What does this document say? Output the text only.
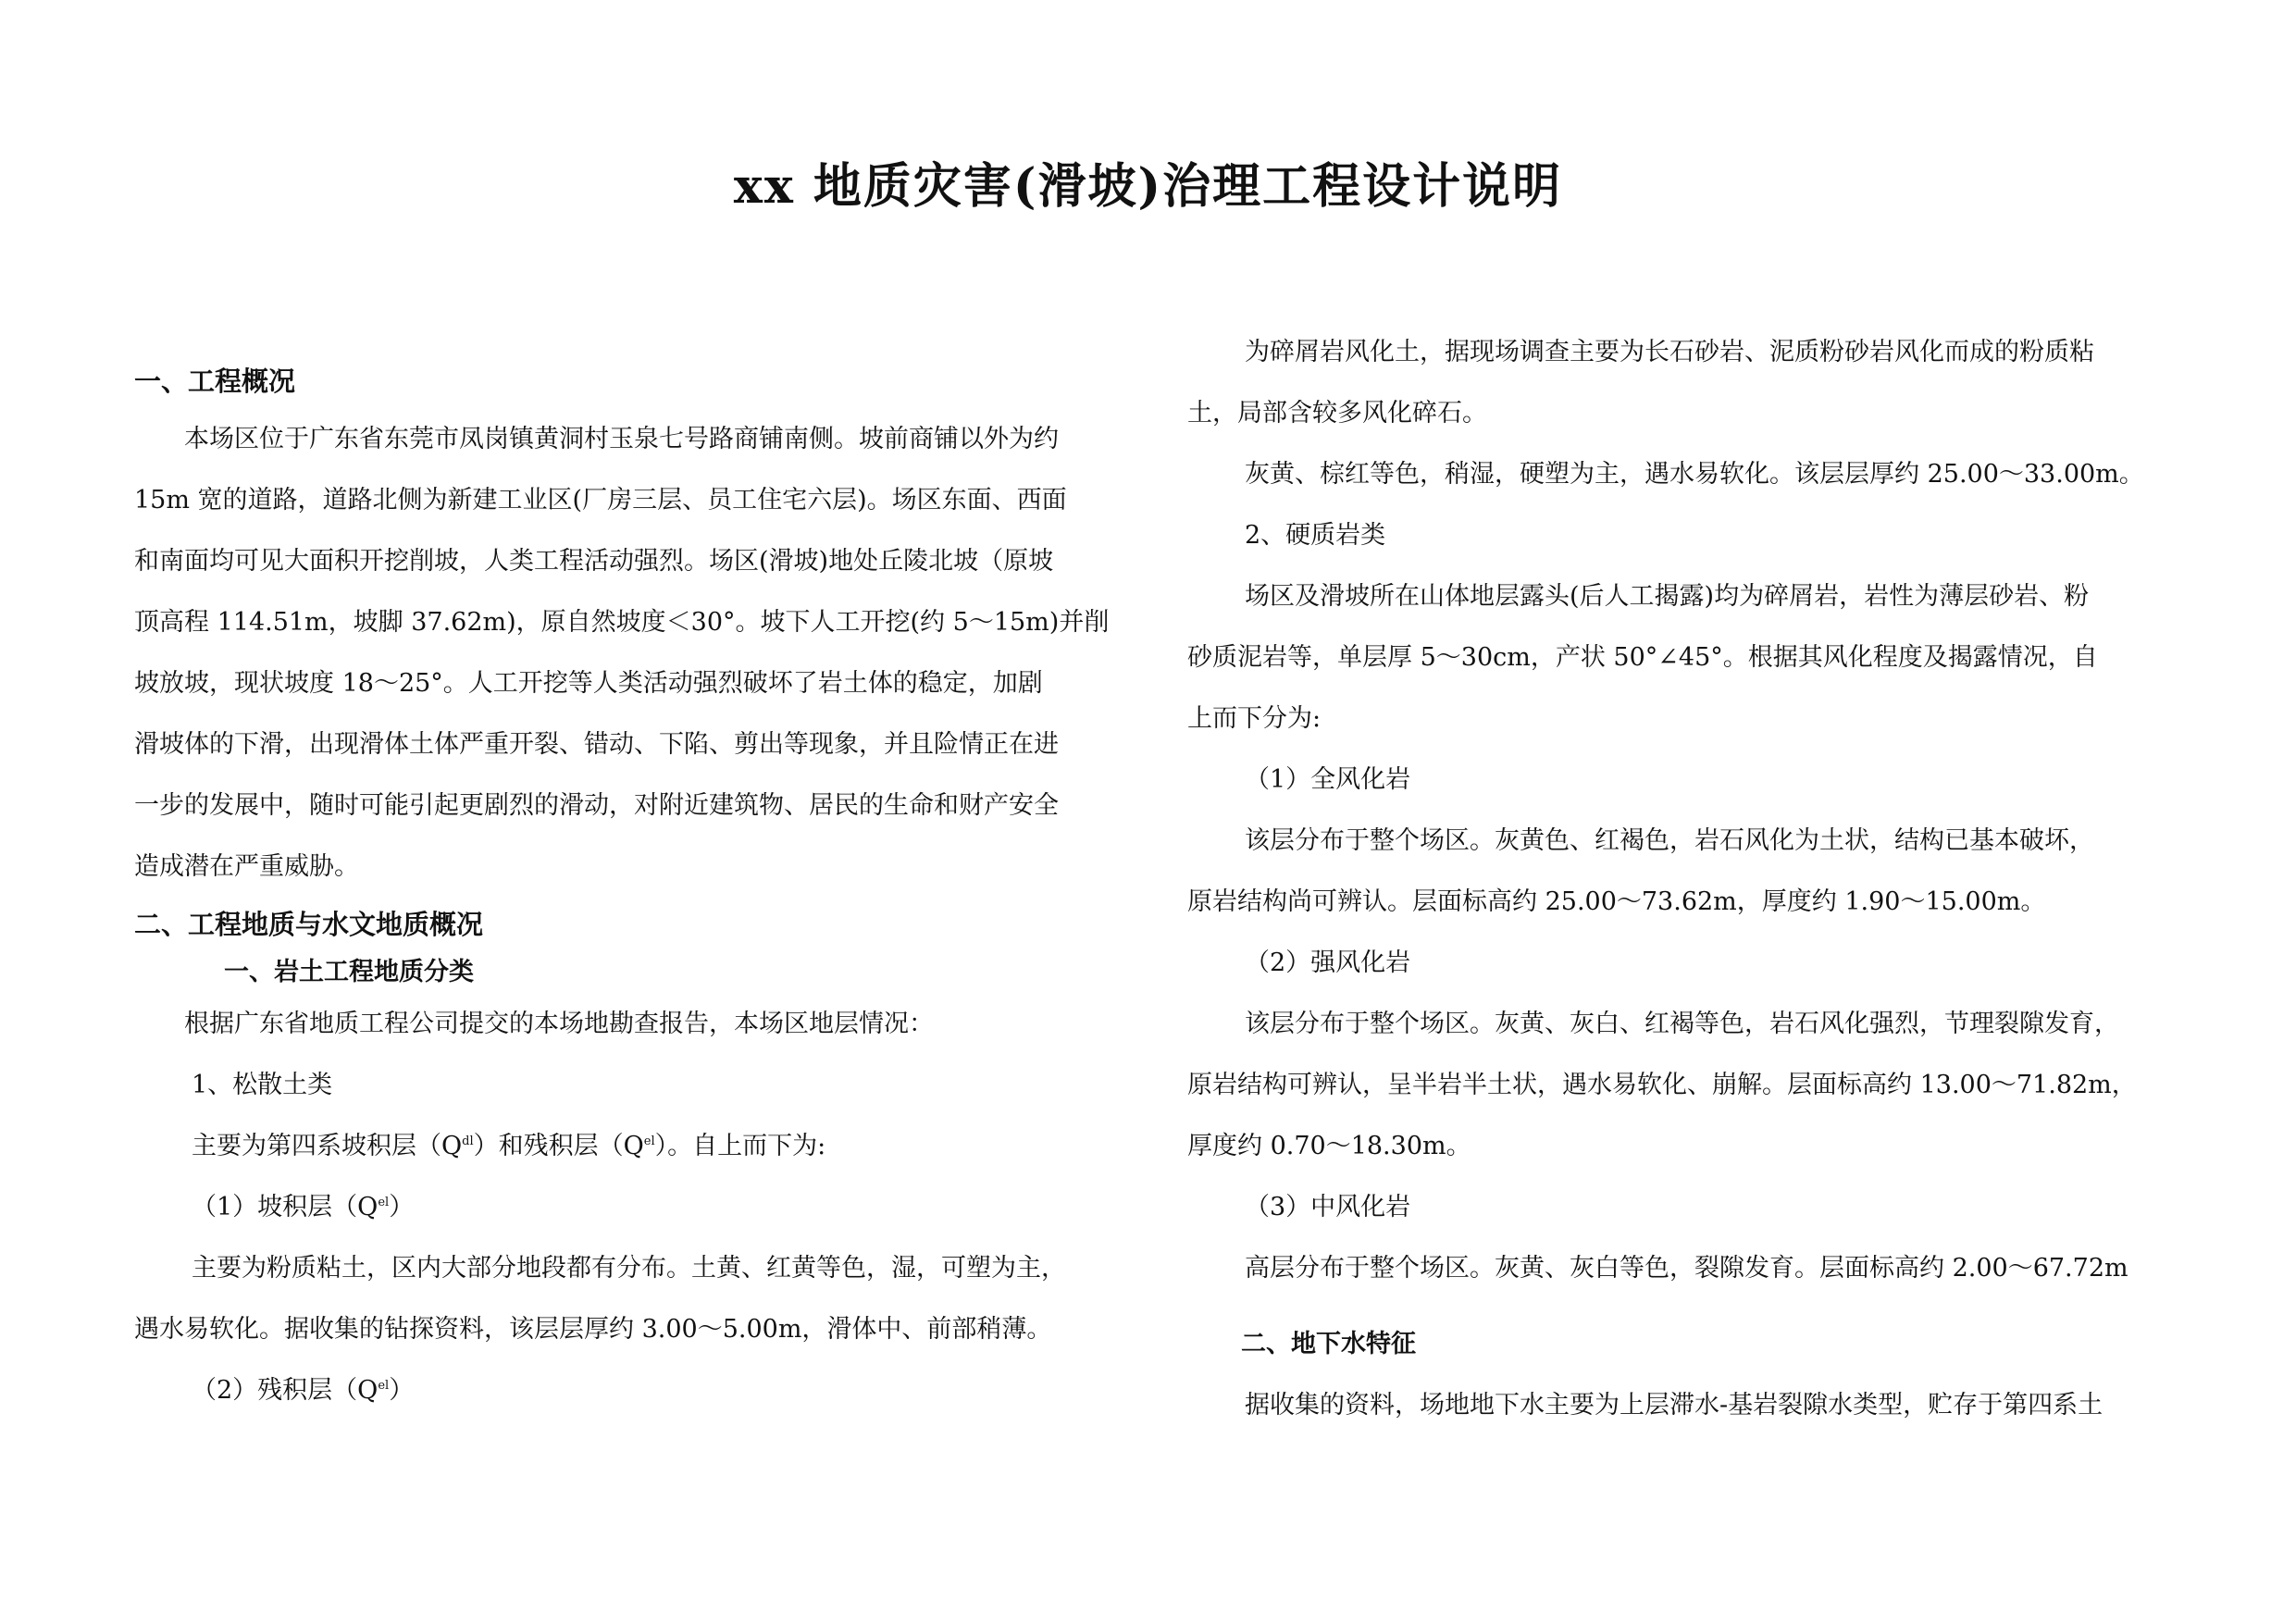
xx 地质灾害(滑坡)治理工程设计说明
一、工程概况
本场区位于广东省东莞市凤岗镇黄洞村玉泉七号路商铺南侧。坡前商铺以外为约
15m 宽的道路，道路北侧为新建工业区(厂房三层、员工住宅六层)。场区东面、西面
和南面均可见大面积开挖削坡，人类工程活动强烈。场区(滑坡)地处丘陵北坡（原坡
顶高程 114.51m，坡脚 37.62m)，原自然坡度＜30°。坡下人工开挖(约 5～15m)并削
坡放坡，现状坡度 18～25°。人工开挖等人类活动强烈破坏了岩土体的稳定，加剧
滑坡体的下滑，出现滑体土体严重开裂、错动、下陷、剪出等现象，并且险情正在进
一步的发展中，随时可能引起更剧烈的滑动，对附近建筑物、居民的生命和财产安全
造成潜在严重威胁。
二、工程地质与水文地质概况
一、岩土工程地质分类
根据广东省地质工程公司提交的本场地勘查报告，本场区地层情况：
1、松散土类
主要为第四系坡积层$(Q^{dl})$和残积层$(Q^{el})$。自上而下为:
（1）坡积层$(Q^{el})$
主要为粉质粘土，区内大部分地段都有分布。土黄、红黄等色，湿，可塑为主，
遇水易软化。据收集的钻探资料，该层层厚约 3.00～5.00m，滑体中、前部稍薄。
（2）残积层$(Q^{el})$
为碎屑岩风化土，据现场调查主要为长石砂岩、泥质粉砂岩风化而成的粉质粘
土，局部含较多风化碎石。
灰黄、棕红等色，稍湿，硬塑为主，遇水易软化。该层层厚约 25.00～33.00m。
2、硬质岩类
场区及滑坡所在山体地层露头(后人工揭露)均为碎屑岩，岩性为薄层砂岩、粉
砂质泥岩等，单层厚 5～30cm，产状 50°∠45°。根据其风化程度及揭露情况，自
上而下分为:
（1）全风化岩
该层分布于整个场区。灰黄色、红褐色，岩石风化为土状，结构已基本破坏，
原岩结构尚可辨认。层面标高约 25.00～73.62m，厚度约 1.90～15.00m。
（2）强风化岩
该层分布于整个场区。灰黄、灰白、红褐等色，岩石风化强烈，节理裂隙发育，
原岩结构可辨认，呈半岩半土状，遇水易软化、崩解。层面标高约 13.00～71.82m，
厚度约 0.70～18.30m。
（3）中风化岩
高层分布于整个场区。灰黄、灰白等色，裂隙发育。层面标高约 2.00～67.72m
二、地下水特征
据收集的资料，场地地下水主要为上层滞水-基岩裂隙水类型，贮存于第四系土
